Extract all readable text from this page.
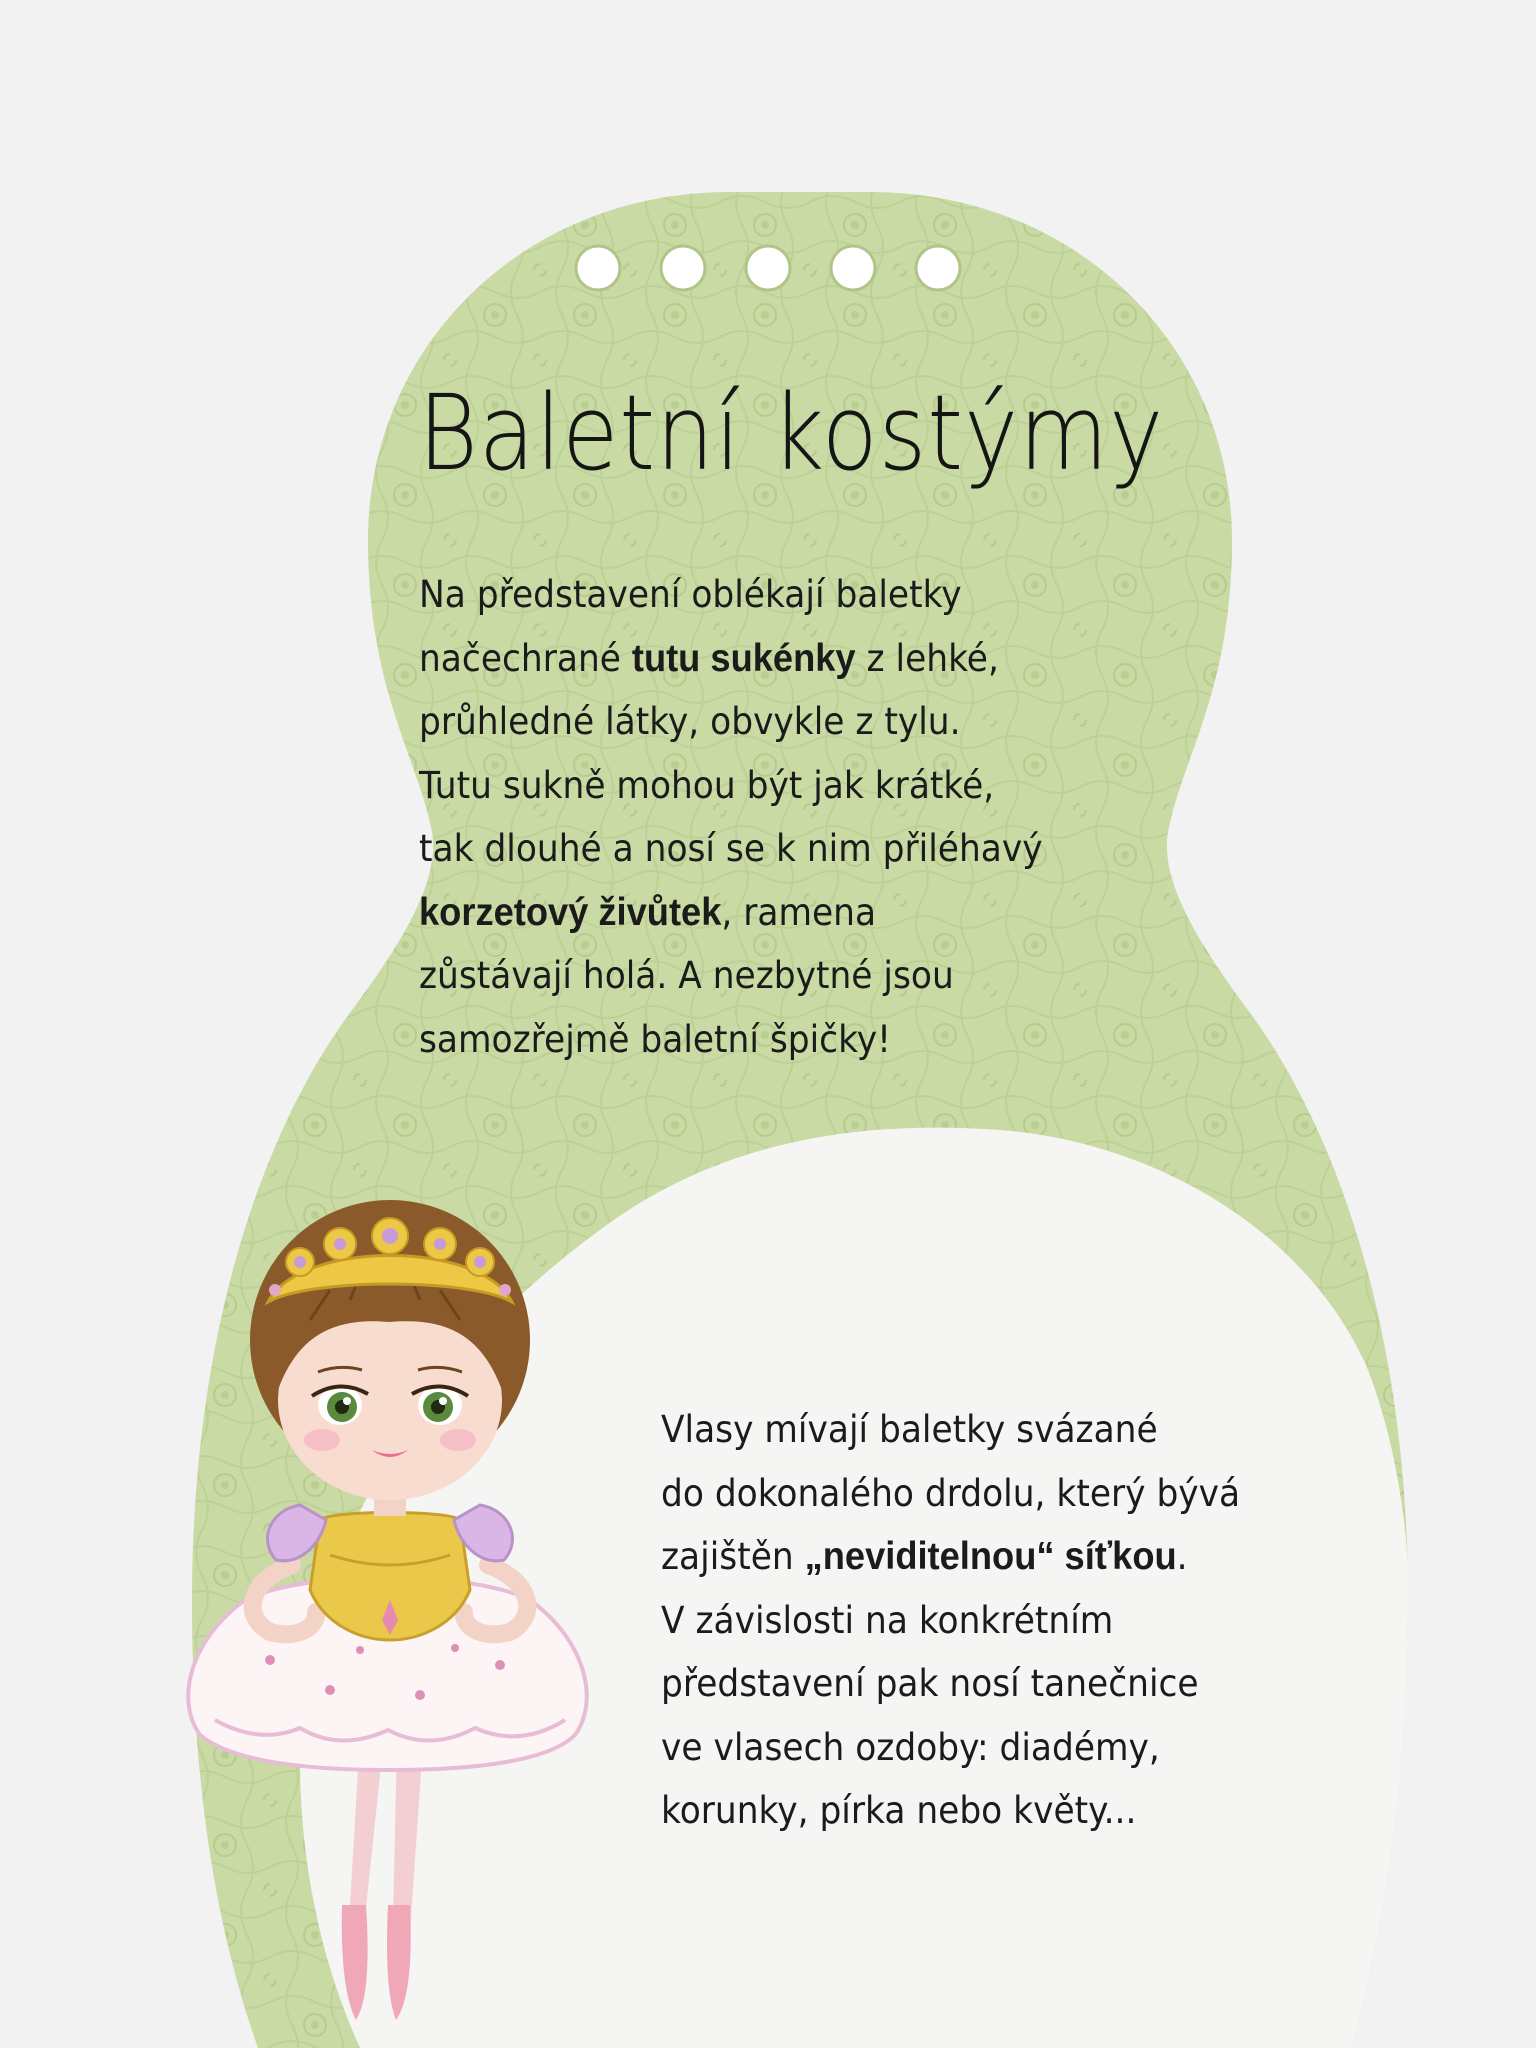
Baletní kostýmy
Na představení oblékají baletky
načechrané tutu sukénky z lehké,
průhledné látky, obvykle z tylu.
Tutu sukně mohou být jak krátké,
tak dlouhé a nosí se k nim přiléhavý
korzetový živůtek, ramena
zůstávají holá. A nezbytné jsou
samozřejmě baletní špičky!
Vlasy mívají baletky svázané
do dokonalého drdolu, který bývá
zajištěn „neviditelnou“ síťkou.
V závislosti na konkrétním
představení pak nosí tanečnice
ve vlasech ozdoby: diadémy,
korunky, pírka nebo květy...
